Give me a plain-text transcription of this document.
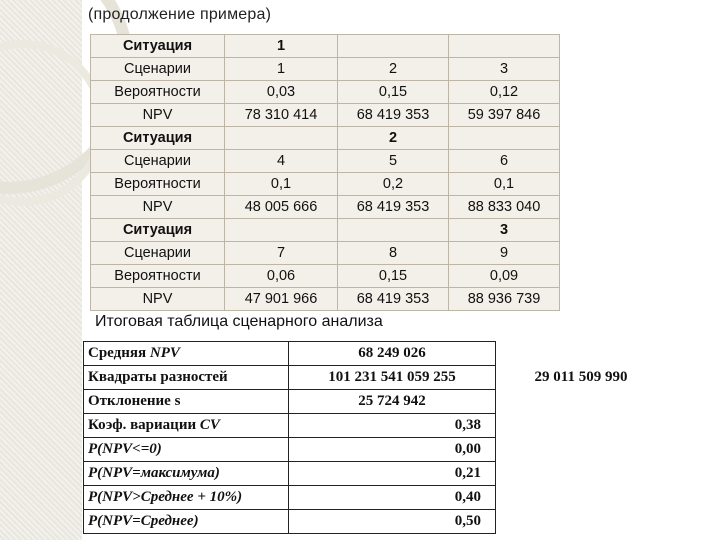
(продолжение примера)
Ситуация	1		
Сценарии	1	2	3
Вероятности	0,03	0,15	0,12
NPV	78 310 414	68 419 353	59 397 846
Ситуация		2	
Сценарии	4	5	6
Вероятности	0,1	0,2	0,1
NPV	48 005 666	68 419 353	88 833 040
Ситуация			3
Сценарии	7	8	9
Вероятности	0,06	0,15	0,09
NPV	47 901 966	68 419 353	88 936 739
Итоговая таблица сценарного анализа
Средняя NPV	68 249 026	
Квадраты разностей	101 231 541 059 255	29 011 509 990
Отклонение s	25 724 942	
Коэф. вариации CV	0,38	
P(NPV<=0)	0,00	
P(NPV=максимума)	0,21	
P(NPV>Среднее + 10%)	0,40	
P(NPV=Среднее)	0,50	
